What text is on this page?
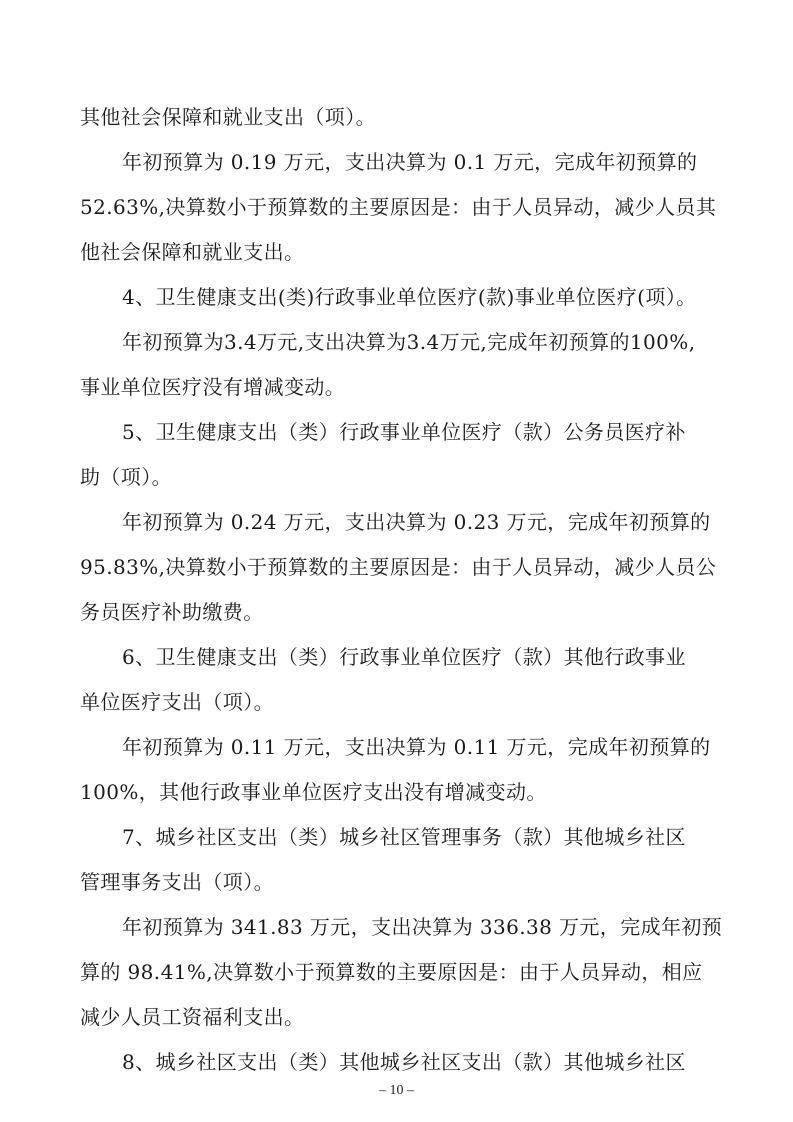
其他社会保障和就业支出（项）。
年初预算为 0.19 万元，支出决算为 0.1 万元，完成年初预算的
52.63%,决算数小于预算数的主要原因是：由于人员异动，减少人员其
他社会保障和就业支出。
4、卫生健康支出(类)行政事业单位医疗(款)事业单位医疗(项）。
年初预算为3.4万元,支出决算为3.4万元,完成年初预算的100%,
事业单位医疗没有增减变动。
5、卫生健康支出（类）行政事业单位医疗（款）公务员医疗补
助（项）。
年初预算为 0.24 万元，支出决算为 0.23 万元，完成年初预算的
95.83%,决算数小于预算数的主要原因是：由于人员异动，减少人员公
务员医疗补助缴费。
6、卫生健康支出（类）行政事业单位医疗（款）其他行政事业
单位医疗支出（项）。
年初预算为 0.11 万元，支出决算为 0.11 万元，完成年初预算的
100%，其他行政事业单位医疗支出没有增减变动。
7、城乡社区支出（类）城乡社区管理事务（款）其他城乡社区
管理事务支出（项）。
年初预算为 341.83 万元，支出决算为 336.38 万元，完成年初预
算的 98.41%,决算数小于预算数的主要原因是：由于人员异动，相应
减少人员工资福利支出。
8、城乡社区支出（类）其他城乡社区支出（款）其他城乡社区
– 10 –
